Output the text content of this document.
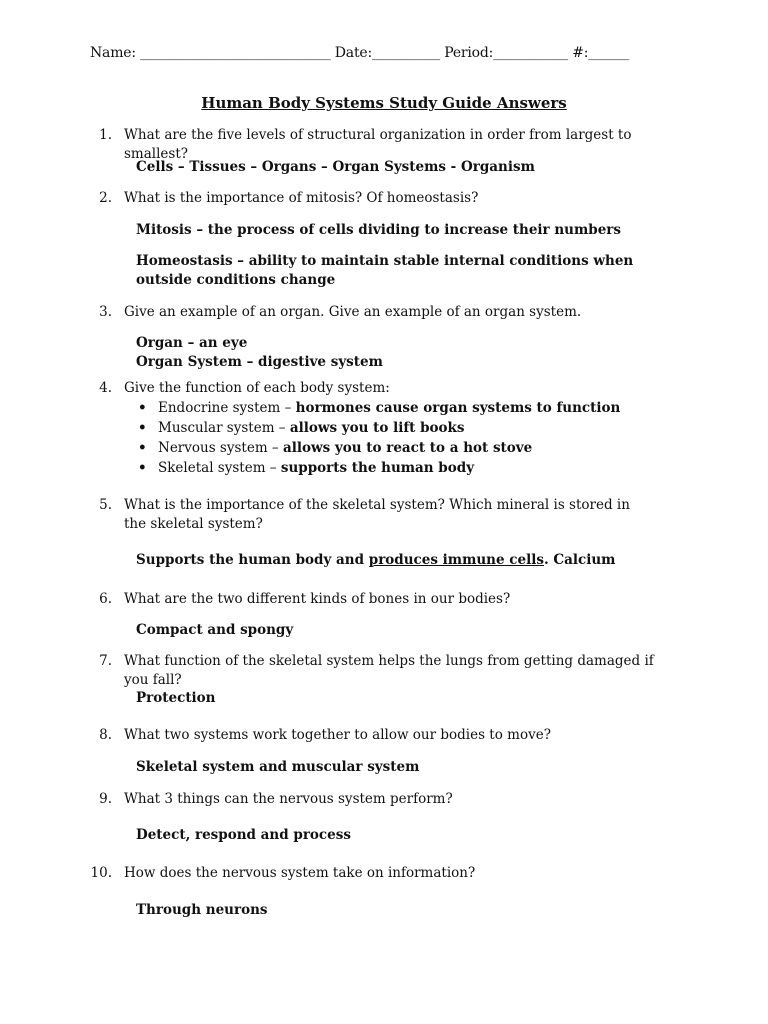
Name: ____________________________ Date:__________ Period:___________ #:______
Human Body Systems Study Guide Answers
1. What are the five levels of structural organization in order from largest to smallest?
Cells – Tissues – Organs – Organ Systems - Organism
2. What is the importance of mitosis? Of homeostasis?
Mitosis – the process of cells dividing to increase their numbers
Homeostasis – ability to maintain stable internal conditions when outside conditions change
3. Give an example of an organ. Give an example of an organ system.
Organ – an eye
Organ System – digestive system
4. Give the function of each body system:
• Endocrine system – hormones cause organ systems to function
• Muscular system – allows you to lift books
• Nervous system – allows you to react to a hot stove
• Skeletal system – supports the human body
5. What is the importance of the skeletal system? Which mineral is stored in the skeletal system?
Supports the human body and produces immune cells. Calcium
6. What are the two different kinds of bones in our bodies?
Compact and spongy
7. What function of the skeletal system helps the lungs from getting damaged if you fall?
Protection
8. What two systems work together to allow our bodies to move?
Skeletal system and muscular system
9. What 3 things can the nervous system perform?
Detect, respond and process
10. How does the nervous system take on information?
Through neurons
